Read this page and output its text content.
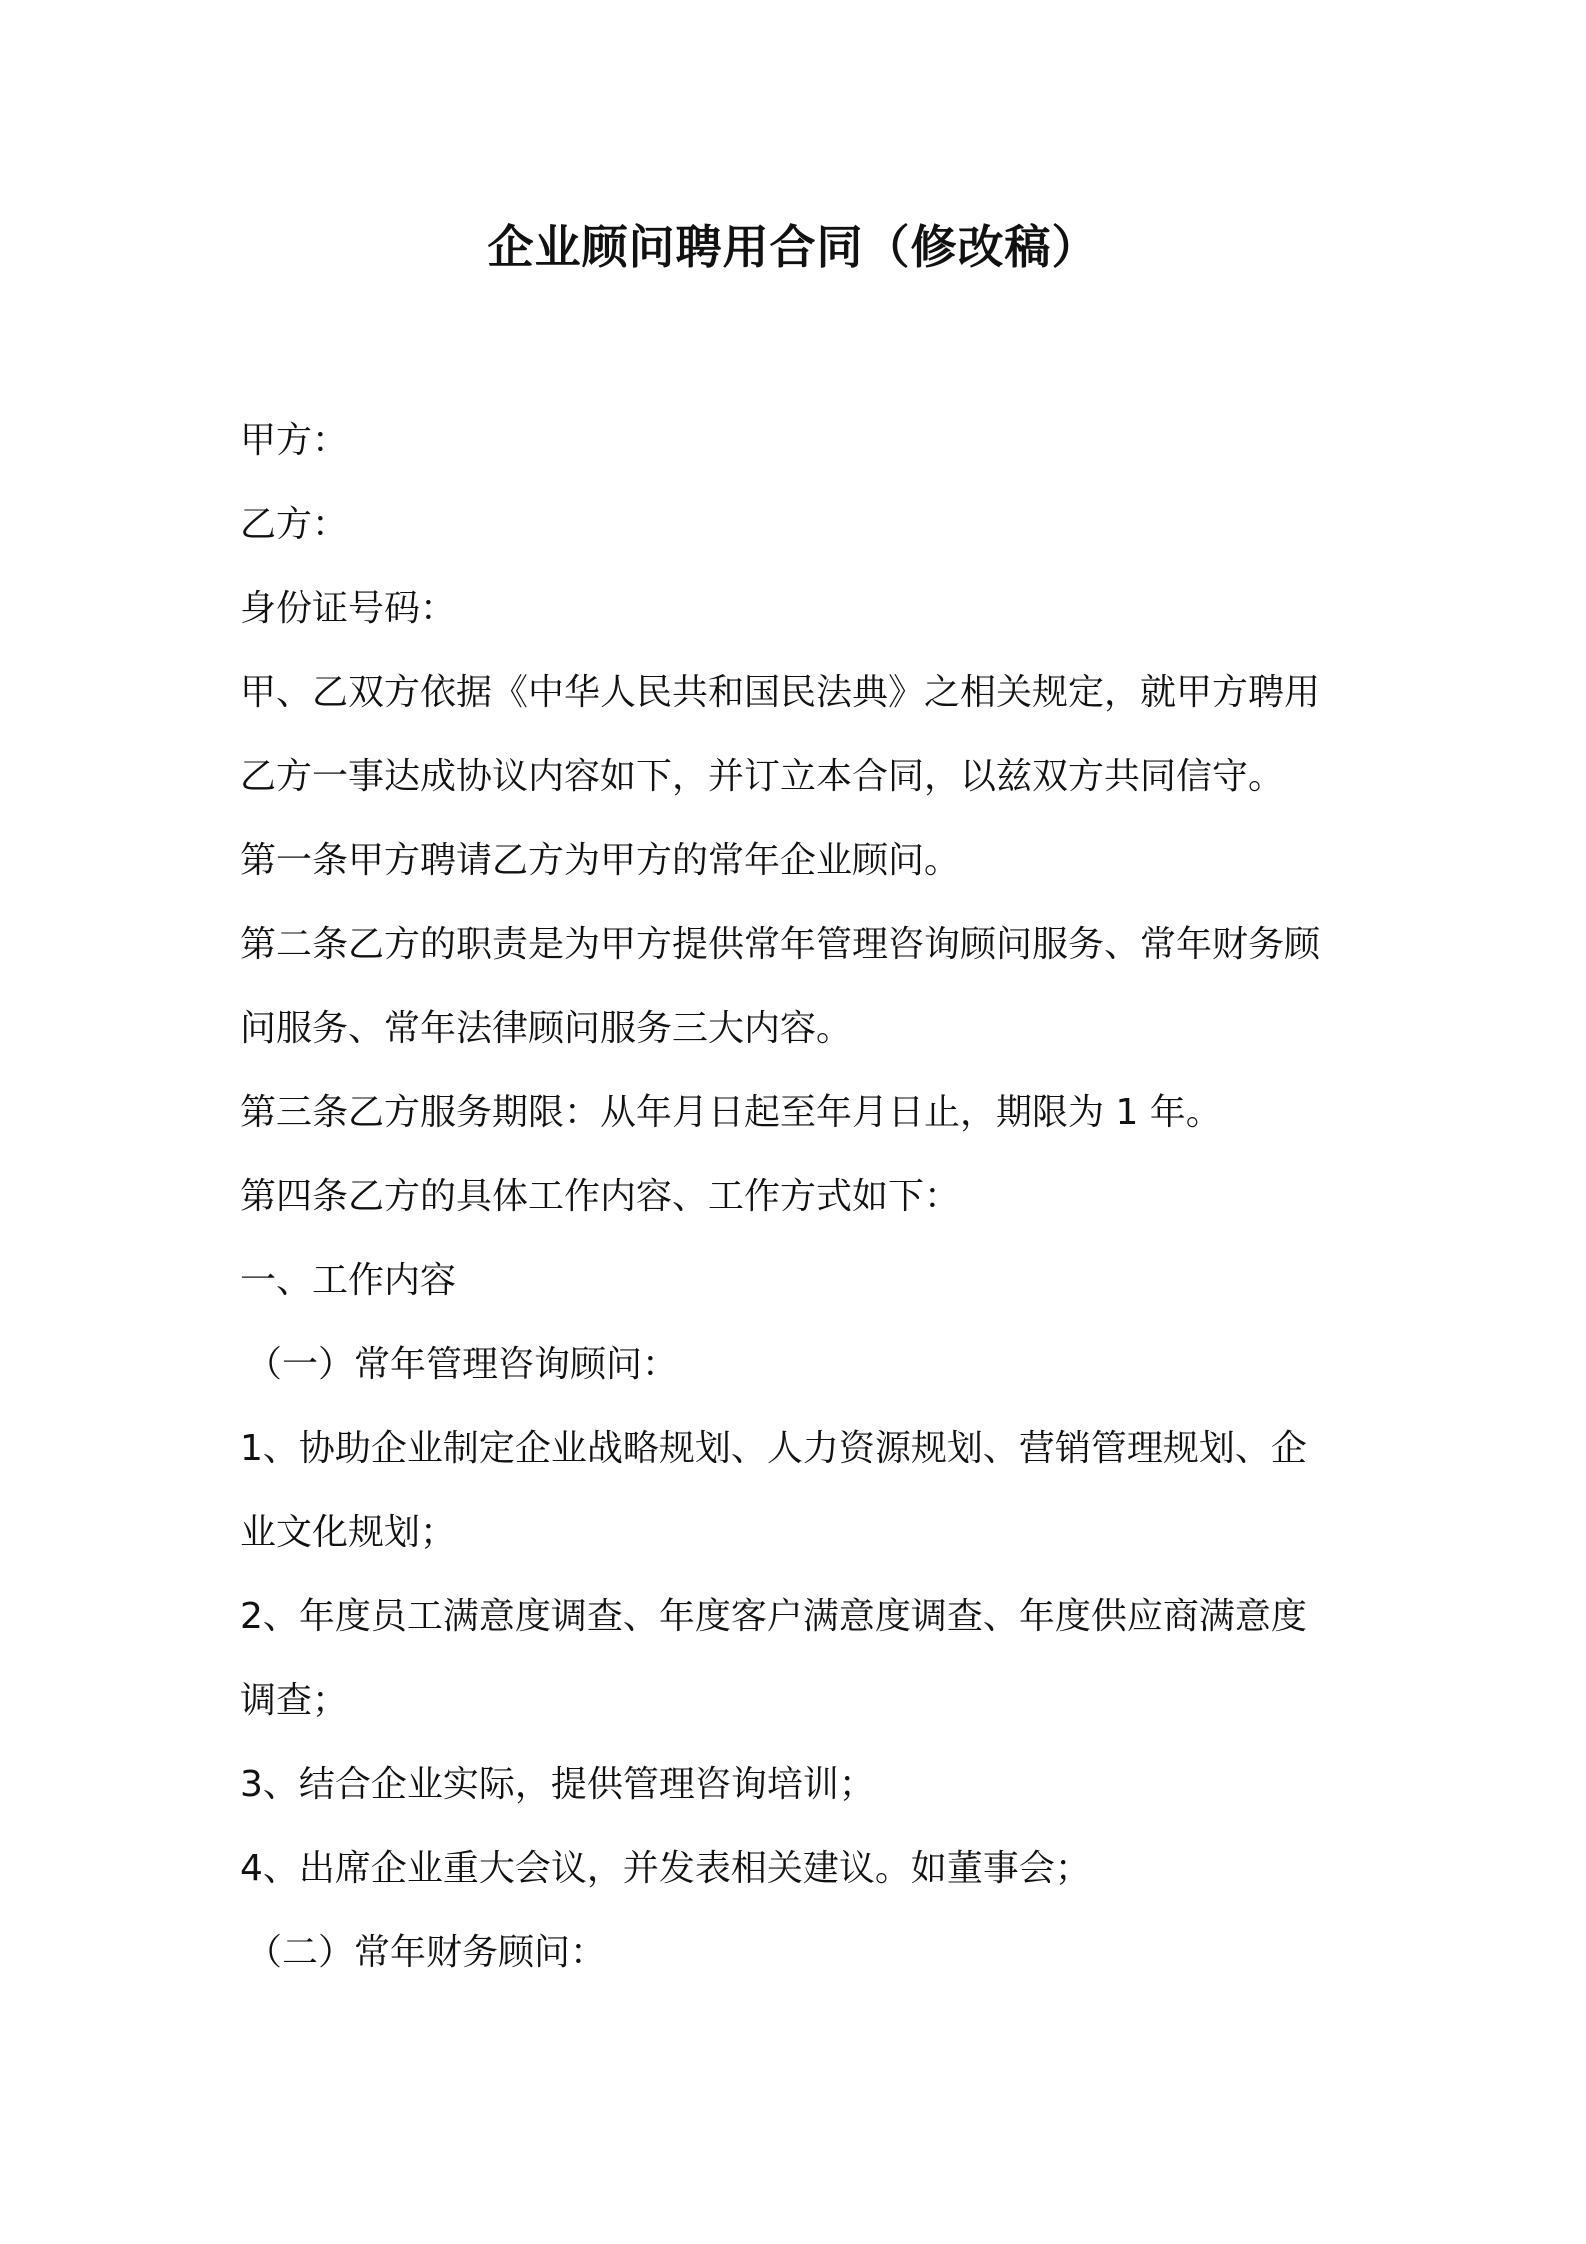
企业顾问聘用合同（修改稿）

甲方：

乙方：

身份证号码：

甲、乙双方依据《中华人民共和国民法典》之相关规定，就甲方聘用

乙方一事达成协议内容如下，并订立本合同，以兹双方共同信守。

第一条甲方聘请乙方为甲方的常年企业顾问。

第二条乙方的职责是为甲方提供常年管理咨询顾问服务、常年财务顾

问服务、常年法律顾问服务三大内容。

第三条乙方服务期限：从年月日起至年月日止，期限为 1 年。

第四条乙方的具体工作内容、工作方式如下：

一、工作内容

（一）常年管理咨询顾问：

1、协助企业制定企业战略规划、人力资源规划、营销管理规划、企

业文化规划；

2、年度员工满意度调查、年度客户满意度调查、年度供应商满意度

调查；

3、结合企业实际，提供管理咨询培训；

4、出席企业重大会议，并发表相关建议。如董事会；

（二）常年财务顾问：
